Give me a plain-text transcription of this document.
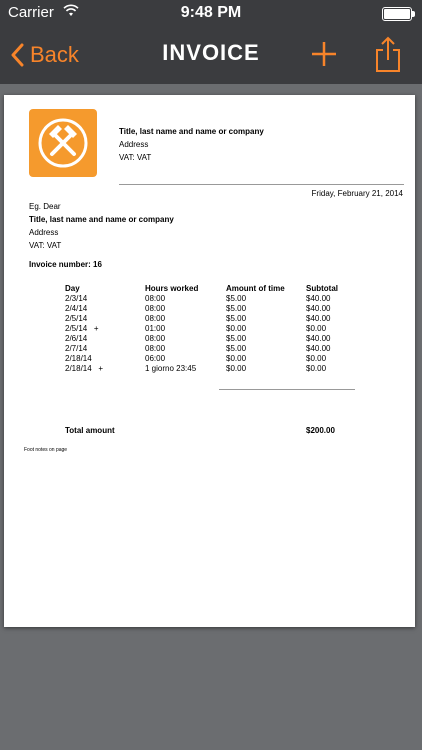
Carrier	9:48 PM
Back	INVOICE
Title, last name and name or company
Address
VAT: VAT
Friday, February 21, 2014
Eg. Dear
Title, last name and name or company
Address
VAT: VAT
Invoice number: 16
Day	Hours worked	Amount of time	Subtotal
2/3/14	08:00	$5.00	$40.00
2/4/14	08:00	$5.00	$40.00
2/5/14	08:00	$5.00	$40.00
2/5/14   +	01:00	$0.00	$0.00
2/6/14	08:00	$5.00	$40.00
2/7/14	08:00	$5.00	$40.00
2/18/14	06:00	$0.00	$0.00
2/18/14   +	1 giorno 23:45	$0.00	$0.00
Total amount	$200.00
Foot notes on page
